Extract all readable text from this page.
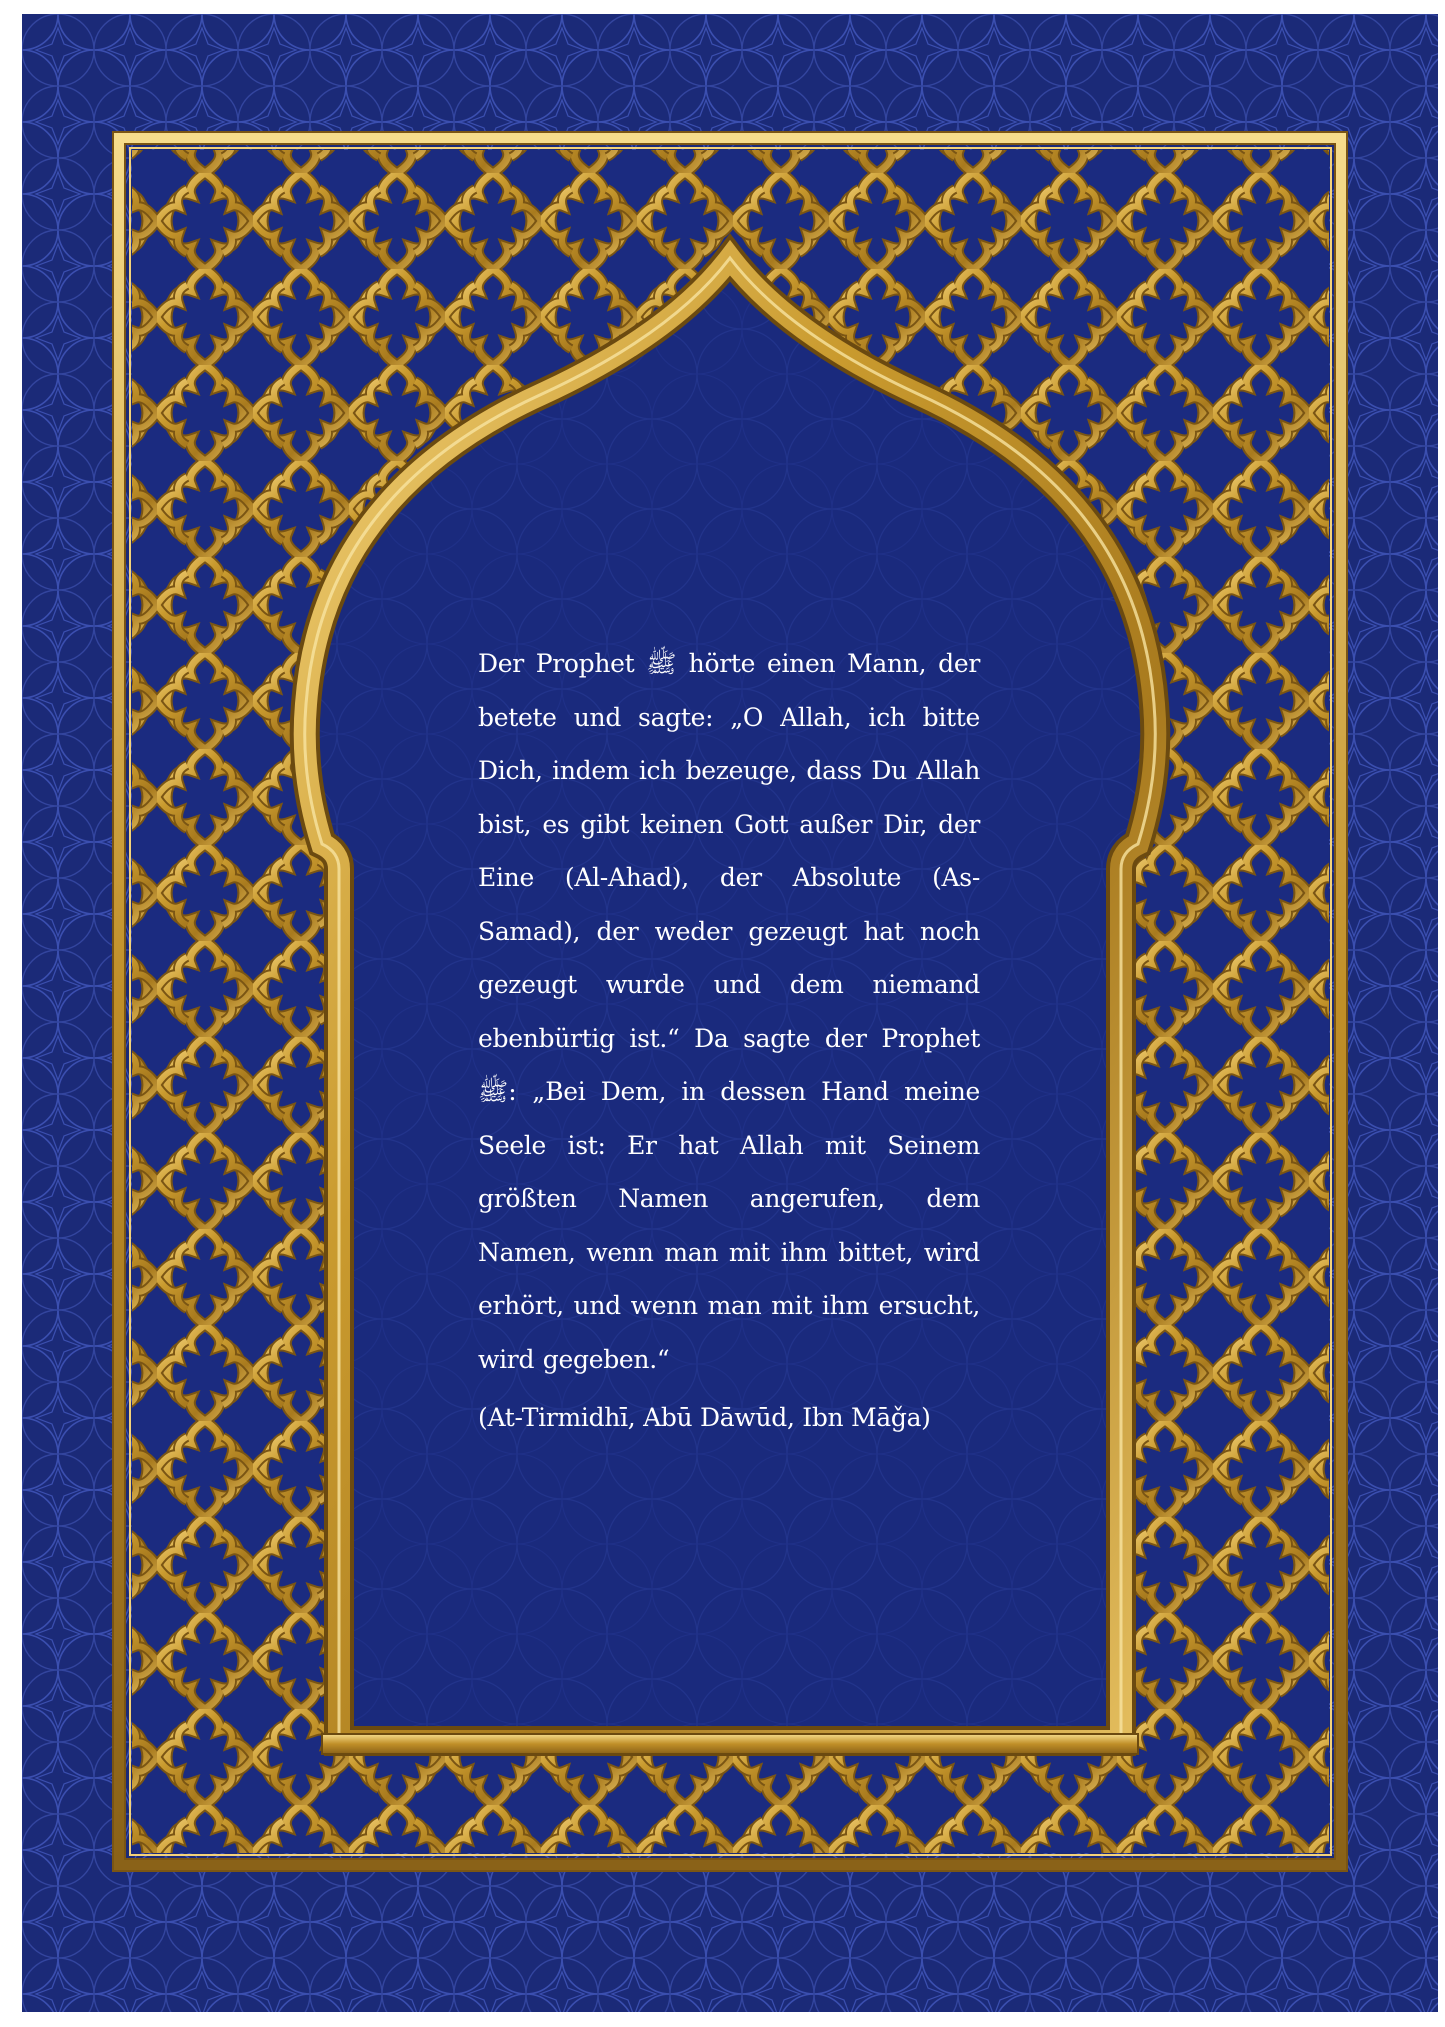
Der Prophet ﷺ hörte einen Mann, der betete und sagte: „O Allah, ich bitte Dich, indem ich bezeuge, dass Du Allah bist, es gibt keinen Gott außer Dir, der Eine (Al-Ahad), der Absolute (As-Samad), der weder gezeugt hat noch gezeugt wurde und dem niemand ebenbürtig ist.“ Da sagte der Prophet ﷺ: „Bei Dem, in dessen Hand meine Seele ist: Er hat Allah mit Seinem größten Namen angerufen, dem Namen, wenn man mit ihm bittet, wird erhört, und wenn man mit ihm ersucht, wird gegeben.“

(At-Tirmidhī, Abū Dāwūd, Ibn Māǧa)
